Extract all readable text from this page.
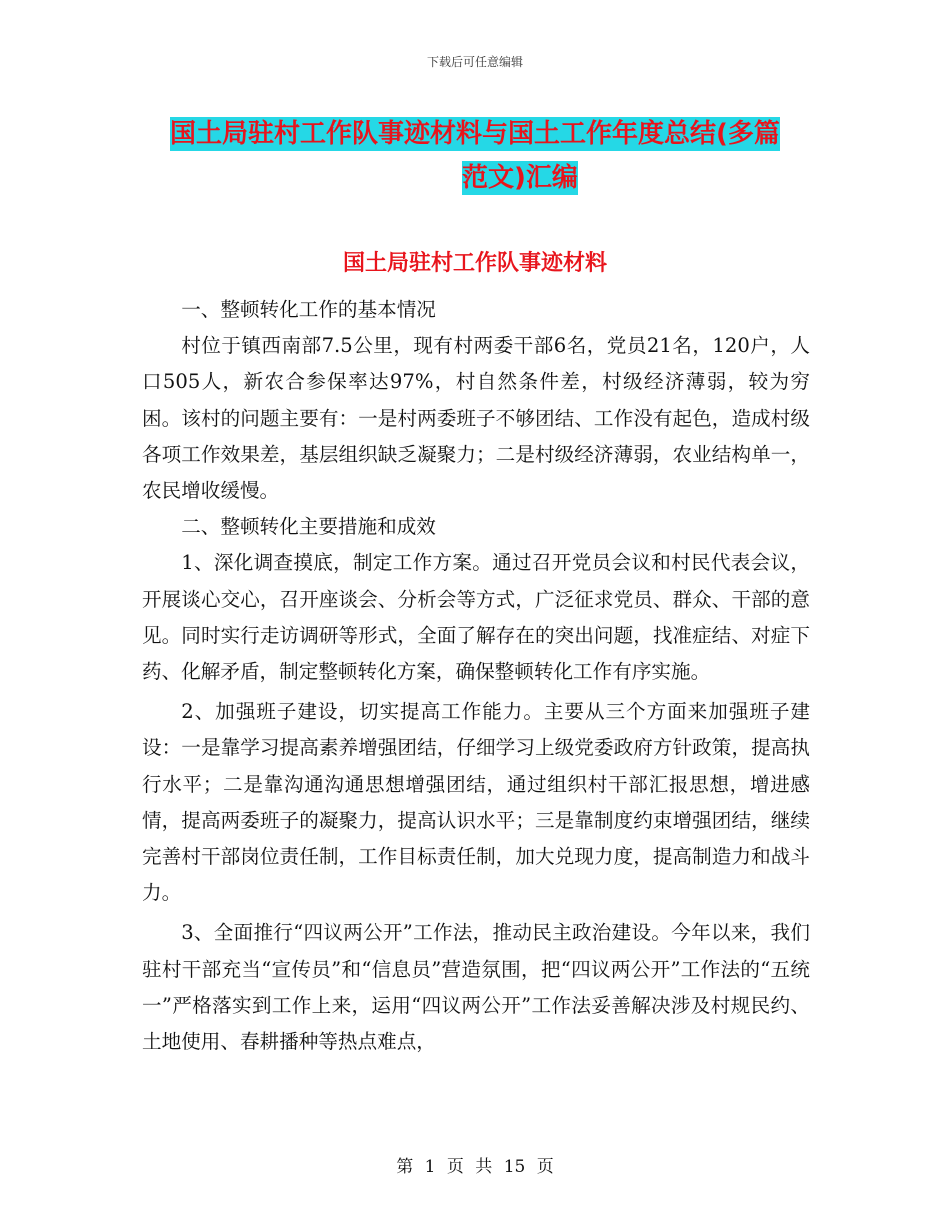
下载后可任意编辑
国土局驻村工作队事迹材料与国土工作年度总结(多篇
范文)汇编
国土局驻村工作队事迹材料

一、整顿转化工作的基本情况

村位于镇西南部7.5公里，现有村两委干部6名，党员21名，120户，人口505人，新农合参保率达97%，村自然条件差，村级经济薄弱，较为穷困。该村的问题主要有：一是村两委班子不够团结、工作没有起色，造成村级各项工作效果差，基层组织缺乏凝聚力；二是村级经济薄弱，农业结构单一，农民增收缓慢。

二、整顿转化主要措施和成效

1、深化调查摸底，制定工作方案。通过召开党员会议和村民代表会议，开展谈心交心，召开座谈会、分析会等方式，广泛征求党员、群众、干部的意见。同时实行走访调研等形式，全面了解存在的突出问题，找准症结、对症下药、化解矛盾，制定整顿转化方案，确保整顿转化工作有序实施。

2、加强班子建设，切实提高工作能力。主要从三个方面来加强班子建设：一是靠学习提高素养增强团结，仔细学习上级党委政府方针政策，提高执行水平；二是靠沟通沟通思想增强团结，通过组织村干部汇报思想，增进感情，提高两委班子的凝聚力，提高认识水平；三是靠制度约束增强团结，继续完善村干部岗位责任制，工作目标责任制，加大兑现力度，提高制造力和战斗力。

3、全面推行“四议两公开”工作法，推动民主政治建设。今年以来，我们驻村干部充当“宣传员”和“信息员”营造氛围，把“四议两公开”工作法的“五统一”严格落实到工作上来，运用“四议两公开”工作法妥善解决涉及村规民约、土地使用、春耕播种等热点难点，

第 1 页 共 15 页
